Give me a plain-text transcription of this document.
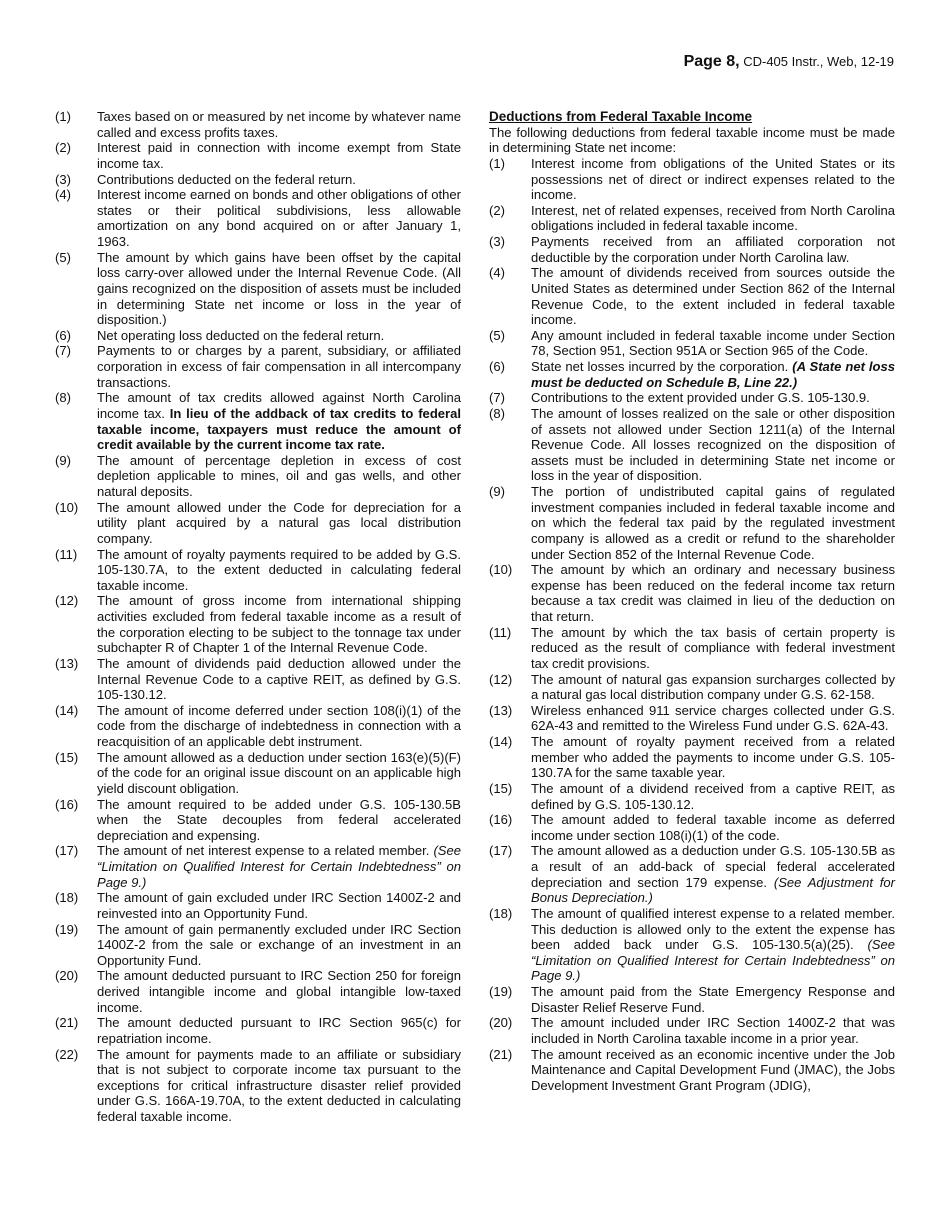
Page 8, CD-405 Instr., Web, 12-19
(1)	Taxes based on or measured by net income by whatever name called and excess profits taxes.
(2)	Interest paid in connection with income exempt from State income tax.
(3)	Contributions deducted on the federal return.
(4)	Interest income earned on bonds and other obligations of other states or their political subdivisions, less allowable amortization on any bond acquired on or after January 1, 1963.
(5)	The amount by which gains have been offset by the capital loss carry-over allowed under the Internal Revenue Code. (All gains recognized on the disposition of assets must be included in determining State net income or loss in the year of disposition.)
(6)	Net operating loss deducted on the federal return.
(7)	Payments to or charges by a parent, subsidiary, or affiliated corporation in excess of fair compensation in all intercompany transactions.
(8)	The amount of tax credits allowed against North Carolina income tax. In lieu of the addback of tax credits to federal taxable income, taxpayers must reduce the amount of credit available by the current income tax rate.
(9)	The amount of percentage depletion in excess of cost depletion applicable to mines, oil and gas wells, and other natural deposits.
(10)	The amount allowed under the Code for depreciation for a utility plant acquired by a natural gas local distribution company.
(11)	The amount of royalty payments required to be added by G.S. 105-130.7A, to the extent deducted in calculating federal taxable income.
(12)	The amount of gross income from international shipping activities excluded from federal taxable income as a result of the corporation electing to be subject to the tonnage tax under subchapter R of Chapter 1 of the Internal Revenue Code.
(13)	The amount of dividends paid deduction allowed under the Internal Revenue Code to a captive REIT, as defined by G.S. 105-130.12.
(14)	The amount of income deferred under section 108(i)(1) of the code from the discharge of indebtedness in connection with a reacquisition of an applicable debt instrument.
(15)	The amount allowed as a deduction under section 163(e)(5)(F) of the code for an original issue discount on an applicable high yield discount obligation.
(16)	The amount required to be added under G.S. 105-130.5B when the State decouples from federal accelerated depreciation and expensing.
(17)	The amount of net interest expense to a related member. (See “Limitation on Qualified Interest for Certain Indebtedness” on Page 9.)
(18)	The amount of gain excluded under IRC Section 1400Z-2 and reinvested into an Opportunity Fund.
(19)	The amount of gain permanently excluded under IRC Section 1400Z-2 from the sale or exchange of an investment in an Opportunity Fund.
(20)	The amount deducted pursuant to IRC Section 250 for foreign derived intangible income and global intangible low-taxed income.
(21)	The amount deducted pursuant to IRC Section 965(c) for repatriation income.
(22)	The amount for payments made to an affiliate or subsidiary that is not subject to corporate income tax pursuant to the exceptions for critical infrastructure disaster relief provided under G.S. 166A-19.70A, to the extent deducted in calculating federal taxable income.
Deductions from Federal Taxable Income
The following deductions from federal taxable income must be made in determining State net income:
(1)	Interest income from obligations of the United States or its possessions net of direct or indirect expenses related to the income.
(2)	Interest, net of related expenses, received from North Carolina obligations included in federal taxable income.
(3)	Payments received from an affiliated corporation not deductible by the corporation under North Carolina law.
(4)	The amount of dividends received from sources outside the United States as determined under Section 862 of the Internal Revenue Code, to the extent included in federal taxable income.
(5)	Any amount included in federal taxable income under Section 78, Section 951, Section 951A or Section 965 of the Code.
(6)	State net losses incurred by the corporation. (A State net loss must be deducted on Schedule B, Line 22.)
(7)	Contributions to the extent provided under G.S. 105-130.9.
(8)	The amount of losses realized on the sale or other disposition of assets not allowed under Section 1211(a) of the Internal Revenue Code. All losses recognized on the disposition of assets must be included in determining State net income or loss in the year of disposition.
(9)	The portion of undistributed capital gains of regulated investment companies included in federal taxable income and on which the federal tax paid by the regulated investment company is allowed as a credit or refund to the shareholder under Section 852 of the Internal Revenue Code.
(10)	The amount by which an ordinary and necessary business expense has been reduced on the federal income tax return because a tax credit was claimed in lieu of the deduction on that return.
(11)	The amount by which the tax basis of certain property is reduced as the result of compliance with federal investment tax credit provisions.
(12)	The amount of natural gas expansion surcharges collected by a natural gas local distribution company under G.S. 62-158.
(13)	Wireless enhanced 911 service charges collected under G.S. 62A-43 and remitted to the Wireless Fund under G.S. 62A-43.
(14)	The amount of royalty payment received from a related member who added the payments to income under G.S. 105-130.7A for the same taxable year.
(15)	The amount of a dividend received from a captive REIT, as defined by G.S. 105-130.12.
(16)	The amount added to federal taxable income as deferred income under section 108(i)(1) of the code.
(17)	The amount allowed as a deduction under G.S. 105-130.5B as a result of an add-back of special federal accelerated depreciation and section 179 expense. (See Adjustment for Bonus Depreciation.)
(18)	The amount of qualified interest expense to a related member. This deduction is allowed only to the extent the expense has been added back under G.S. 105-130.5(a)(25). (See “Limitation on Qualified Interest for Certain Indebtedness” on Page 9.)
(19)	The amount paid from the State Emergency Response and Disaster Relief Reserve Fund.
(20)	The amount included under IRC Section 1400Z-2 that was included in North Carolina taxable income in a prior year.
(21)	The amount received as an economic incentive under the Job Maintenance and Capital Development Fund (JMAC), the Jobs Development Investment Grant Program (JDIG),
